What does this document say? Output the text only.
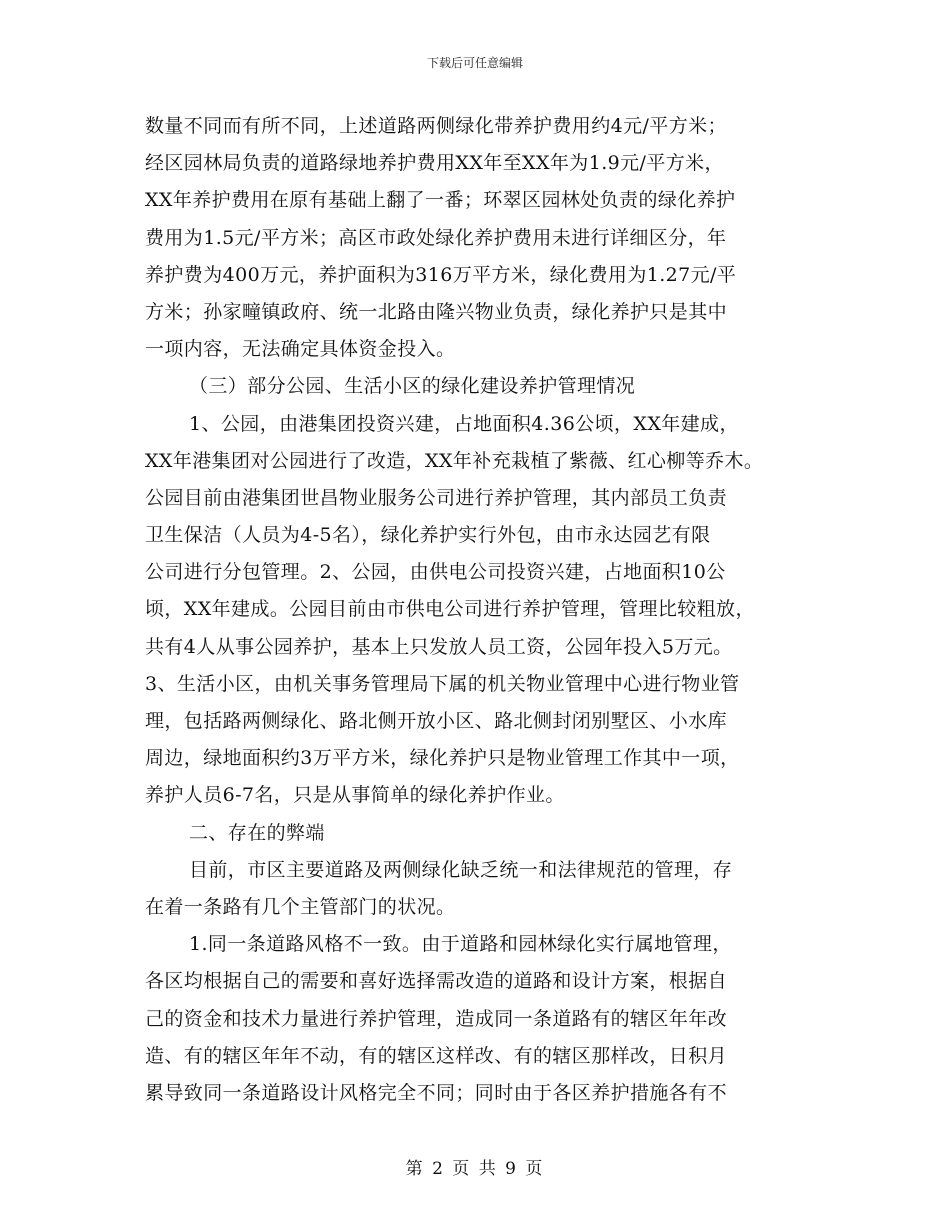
下载后可任意编辑
数量不同而有所不同，上述道路两侧绿化带养护费用约4元/平方米；
经区园林局负责的道路绿地养护费用XX年至XX年为1.9元/平方米，
XX年养护费用在原有基础上翻了一番；环翠区园林处负责的绿化养护
费用为1.5元/平方米；高区市政处绿化养护费用未进行详细区分，年
养护费为400万元，养护面积为316万平方米，绿化费用为1.27元/平
方米；孙家疃镇政府、统一北路由隆兴物业负责，绿化养护只是其中
一项内容，无法确定具体资金投入。
（三）部分公园、生活小区的绿化建设养护管理情况
1、公园，由港集团投资兴建，占地面积4.36公顷，XX年建成，
XX年港集团对公园进行了改造，XX年补充栽植了紫薇、红心柳等乔木。
公园目前由港集团世昌物业服务公司进行养护管理，其内部员工负责
卫生保洁（人员为4-5名），绿化养护实行外包，由市永达园艺有限
公司进行分包管理。2、公园，由供电公司投资兴建，占地面积10公
顷，XX年建成。公园目前由市供电公司进行养护管理，管理比较粗放，
共有4人从事公园养护，基本上只发放人员工资，公园年投入5万元。
3、生活小区，由机关事务管理局下属的机关物业管理中心进行物业管
理，包括路两侧绿化、路北侧开放小区、路北侧封闭别墅区、小水库
周边，绿地面积约3万平方米，绿化养护只是物业管理工作其中一项，
养护人员6-7名，只是从事简单的绿化养护作业。
二、存在的弊端
目前，市区主要道路及两侧绿化缺乏统一和法律规范的管理，存
在着一条路有几个主管部门的状况。
1.同一条道路风格不一致。由于道路和园林绿化实行属地管理，
各区均根据自己的需要和喜好选择需改造的道路和设计方案，根据自
己的资金和技术力量进行养护管理，造成同一条道路有的辖区年年改
造、有的辖区年年不动，有的辖区这样改、有的辖区那样改，日积月
累导致同一条道路设计风格完全不同；同时由于各区养护措施各有不
第 2 页 共 9 页
